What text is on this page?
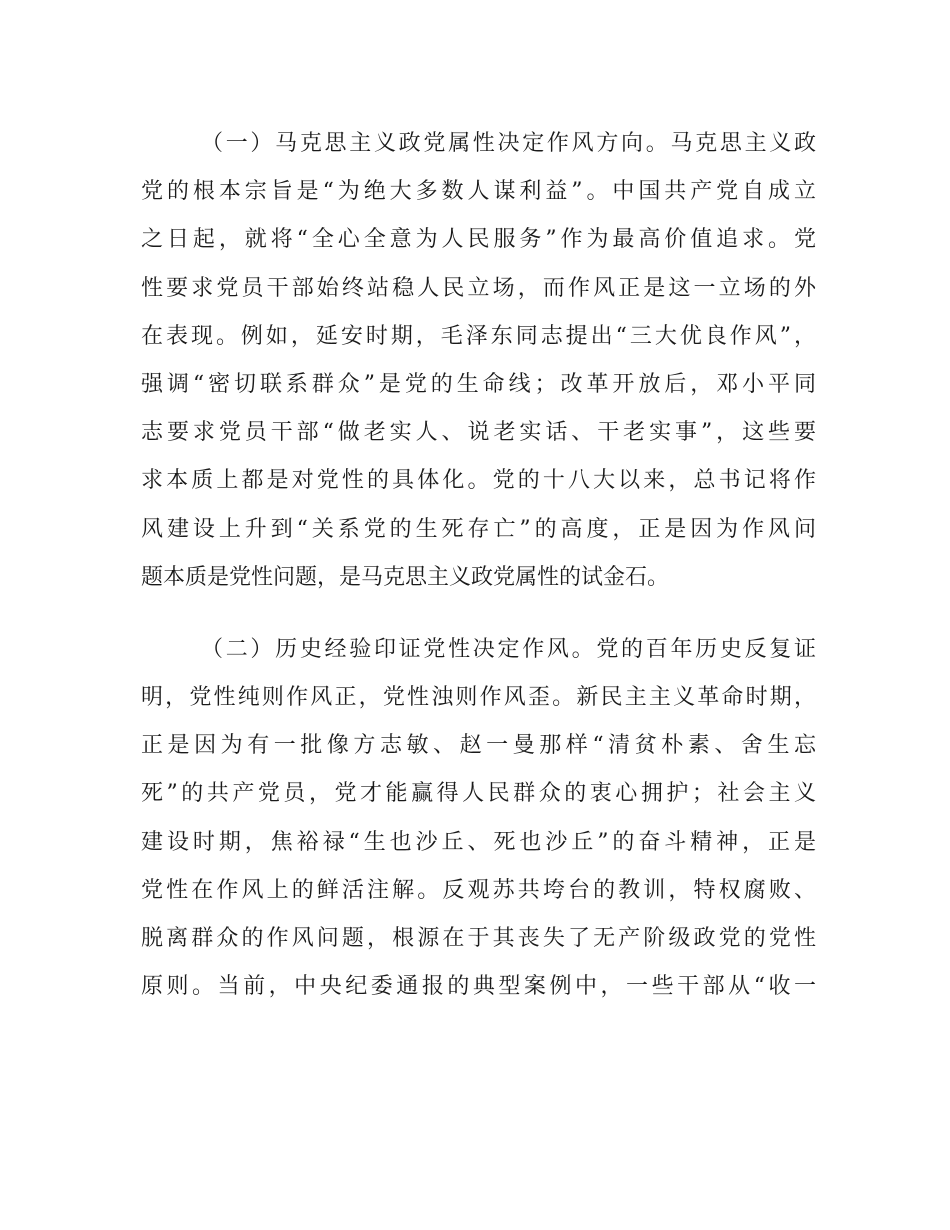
（一）马克思主义政党属性决定作风方向。马克思主义政
党的根本宗旨是“为绝大多数人谋利益”。中国共产党自成立
之日起，就将“全心全意为人民服务”作为最高价值追求。党
性要求党员干部始终站稳人民立场，而作风正是这一立场的外
在表现。例如，延安时期，毛泽东同志提出“三大优良作风”，
强调“密切联系群众”是党的生命线；改革开放后，邓小平同
志要求党员干部“做老实人、说老实话、干老实事”，这些要
求本质上都是对党性的具体化。党的十八大以来，总书记将作
风建设上升到“关系党的生死存亡”的高度，正是因为作风问
题本质是党性问题，是马克思主义政党属性的试金石。
（二）历史经验印证党性决定作风。党的百年历史反复证
明，党性纯则作风正，党性浊则作风歪。新民主主义革命时期，
正是因为有一批像方志敏、赵一曼那样“清贫朴素、舍生忘
死”的共产党员，党才能赢得人民群众的衷心拥护；社会主义
建设时期，焦裕禄“生也沙丘、死也沙丘”的奋斗精神，正是
党性在作风上的鲜活注解。反观苏共垮台的教训，特权腐败、
脱离群众的作风问题，根源在于其丧失了无产阶级政党的党性
原则。当前，中央纪委通报的典型案例中，一些干部从“收一
